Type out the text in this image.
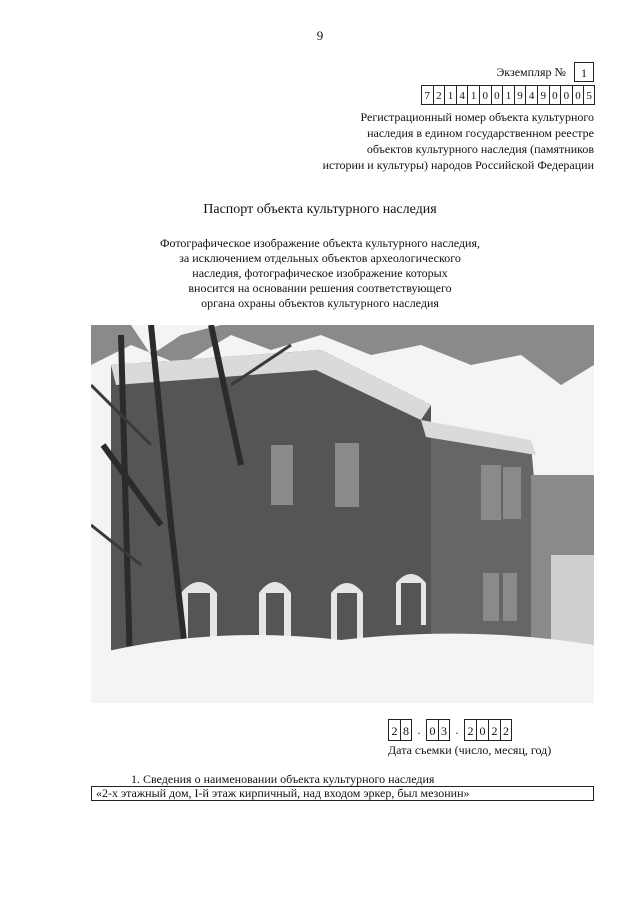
9
Экземпляр №	1
7 2 1 4 1 0 0 1 9 4 9 0 0 0 5
Регистрационный номер объекта культурного
наследия в едином государственном реестре
объектов культурного наследия (памятников
истории и культуры) народов Российской Федерации
Паспорт объекта культурного наследия
Фотографическое изображение объекта культурного наследия,
за исключением отдельных объектов археологического
наследия, фотографическое изображение которых
вносится на основании решения соответствующего
органа охраны объектов культурного наследия
2 8 . 0 3 . 2 0 2 2
Дата съемки (число, месяц, год)
1. Сведения о наименовании объекта культурного наследия
«2-х этажный дом, I-й этаж кирпичный, над входом эркер, был мезонин»
